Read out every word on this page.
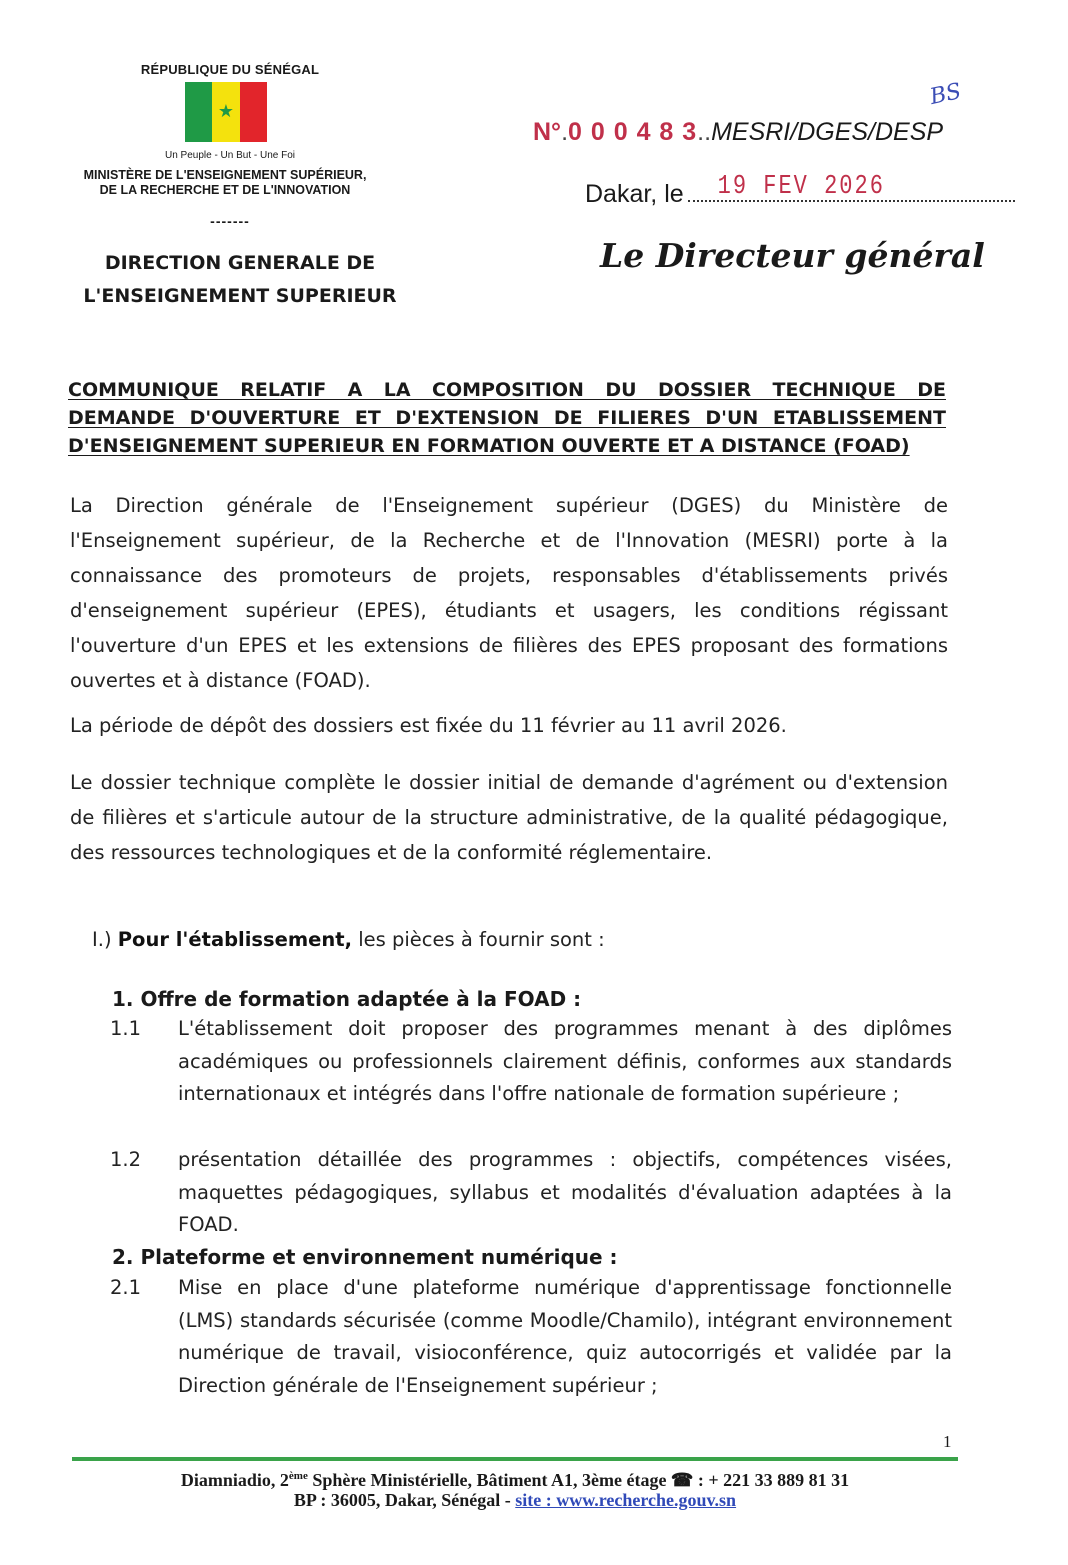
RÉPUBLIQUE DU SÉNÉGAL
★
Un Peuple - Un But - Une Foi
MINISTÈRE DE L'ENSEIGNEMENT SUPÉRIEUR,
DE LA RECHERCHE ET DE L'INNOVATION
-------
DIRECTION GENERALE DE
L'ENSEIGNEMENT SUPERIEUR
BS
N°.0 0 0 4 8 3..MESRI/DGES/DESP
Dakar, le 19 FEV 2026
Le Directeur général
COMMUNIQUE RELATIF A LA COMPOSITION DU DOSSIER TECHNIQUE DE
DEMANDE D'OUVERTURE ET D'EXTENSION DE FILIERES D'UN ETABLISSEMENT
D'ENSEIGNEMENT SUPERIEUR EN FORMATION OUVERTE ET A DISTANCE (FOAD)
La Direction générale de l'Enseignement supérieur (DGES) du Ministère de l'Enseignement supérieur, de la Recherche et de l'Innovation (MESRI) porte à la connaissance des promoteurs de projets, responsables d'établissements privés d'enseignement supérieur (EPES), étudiants et usagers, les conditions régissant l'ouverture d'un EPES et les extensions de filières des EPES proposant des formations ouvertes et à distance (FOAD).
La période de dépôt des dossiers est fixée du 11 février au 11 avril 2026.
Le dossier technique complète le dossier initial de demande d'agrément ou d'extension de filières et s'articule autour de la structure administrative, de la qualité pédagogique, des ressources technologiques et de la conformité réglementaire.
I.) Pour l'établissement, les pièces à fournir sont :
1. Offre de formation adaptée à la FOAD :
1.1	L'établissement doit proposer des programmes menant à des diplômes académiques ou professionnels clairement définis, conformes aux standards internationaux et intégrés dans l'offre nationale de formation supérieure ;
1.2	présentation détaillée des programmes : objectifs, compétences visées, maquettes pédagogiques, syllabus et modalités d'évaluation adaptées à la FOAD.
2. Plateforme et environnement numérique :
2.1	Mise en place d'une plateforme numérique d'apprentissage fonctionnelle (LMS) standards sécurisée (comme Moodle/Chamilo), intégrant environnement numérique de travail, visioconférence, quiz autocorrigés et validée par la Direction générale de l'Enseignement supérieur ;
1
Diamniadio, 2ème Sphère Ministérielle, Bâtiment A1, 3ème étage ☎ : + 221 33 889 81 31
BP : 36005, Dakar, Sénégal - site : www.recherche.gouv.sn
